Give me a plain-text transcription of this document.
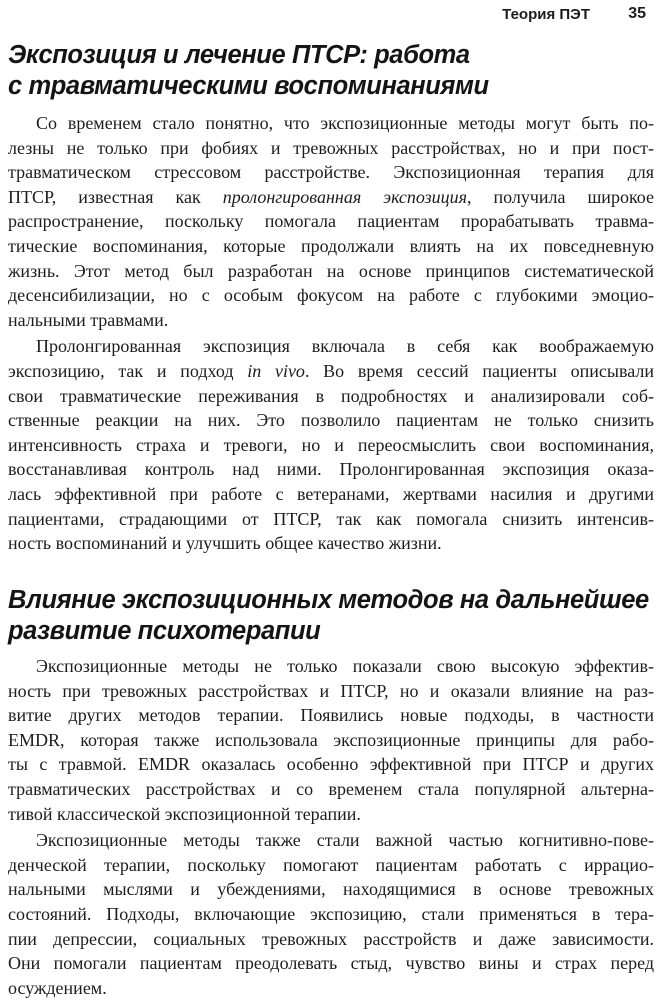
Теория ПЭТ 35
Экспозиция и лечение ПТСР: работа
с травматическими воспоминаниями

Со временем стало понятно, что экспозиционные методы могут быть по-
лезны не только при фобиях и тревожных расстройствах, но и при пост-
травматическом стрессовом расстройстве. Экспозиционная терапия для
ПТСР, известная как пролонгированная экспозиция, получила широкое
распространение, поскольку помогала пациентам прорабатывать травма-
тические воспоминания, которые продолжали влиять на их повседневную
жизнь. Этот метод был разработан на основе принципов систематической
десенсибилизации, но с особым фокусом на работе с глубокими эмоцио-
нальными травмами.

Пролонгированная экспозиция включала в себя как воображаемую
экспозицию, так и подход in vivo. Во время сессий пациенты описывали
свои травматические переживания в подробностях и анализировали соб-
ственные реакции на них. Это позволило пациентам не только снизить
интенсивность страха и тревоги, но и переосмыслить свои воспоминания,
восстанавливая контроль над ними. Пролонгированная экспозиция оказа-
лась эффективной при работе с ветеранами, жертвами насилия и другими
пациентами, страдающими от ПТСР, так как помогала снизить интенсив-
ность воспоминаний и улучшить общее качество жизни.

Влияние экспозиционных методов на дальнейшее
развитие психотерапии

Экспозиционные методы не только показали свою высокую эффектив-
ность при тревожных расстройствах и ПТСР, но и оказали влияние на раз-
витие других методов терапии. Появились новые подходы, в частности
EMDR, которая также использовала экспозиционные принципы для рабо-
ты с травмой. EMDR оказалась особенно эффективной при ПТСР и других
травматических расстройствах и со временем стала популярной альтерна-
тивой классической экспозиционной терапии.

Экспозиционные методы также стали важной частью когнитивно-пове-
денческой терапии, поскольку помогают пациентам работать с иррацио-
нальными мыслями и убеждениями, находящимися в основе тревожных
состояний. Подходы, включающие экспозицию, стали применяться в тера-
пии депрессии, социальных тревожных расстройств и даже зависимости.
Они помогали пациентам преодолевать стыд, чувство вины и страх перед
осуждением.
